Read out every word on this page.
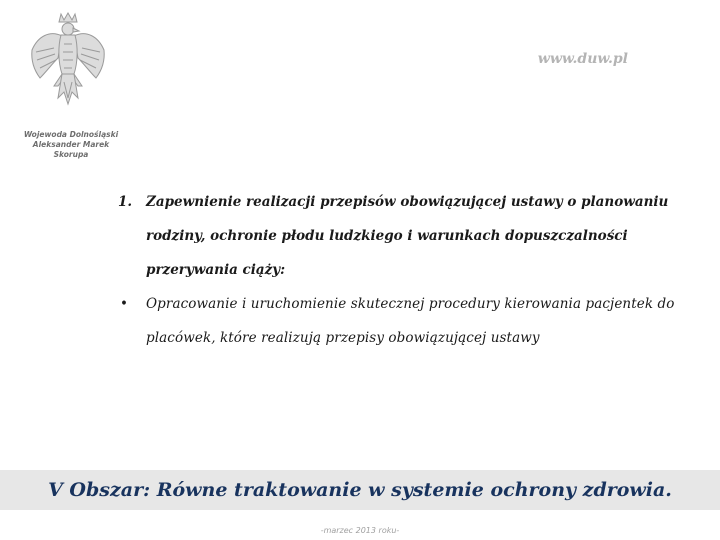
Wojewoda Dolnośląski
Aleksander Marek Skorupa
www.duw.pl
1.	Zapewnienie realizacji przepisów obowiązującej ustawy o planowaniu rodziny, ochronie płodu ludzkiego i warunkach dopuszczalności przerywania ciąży:
•	Opracowanie i uruchomienie skutecznej procedury kierowania pacjentek do placówek, które realizują przepisy obowiązującej ustawy
V Obszar: Równe traktowanie w systemie ochrony zdrowia.
-marzec 2013 roku-
